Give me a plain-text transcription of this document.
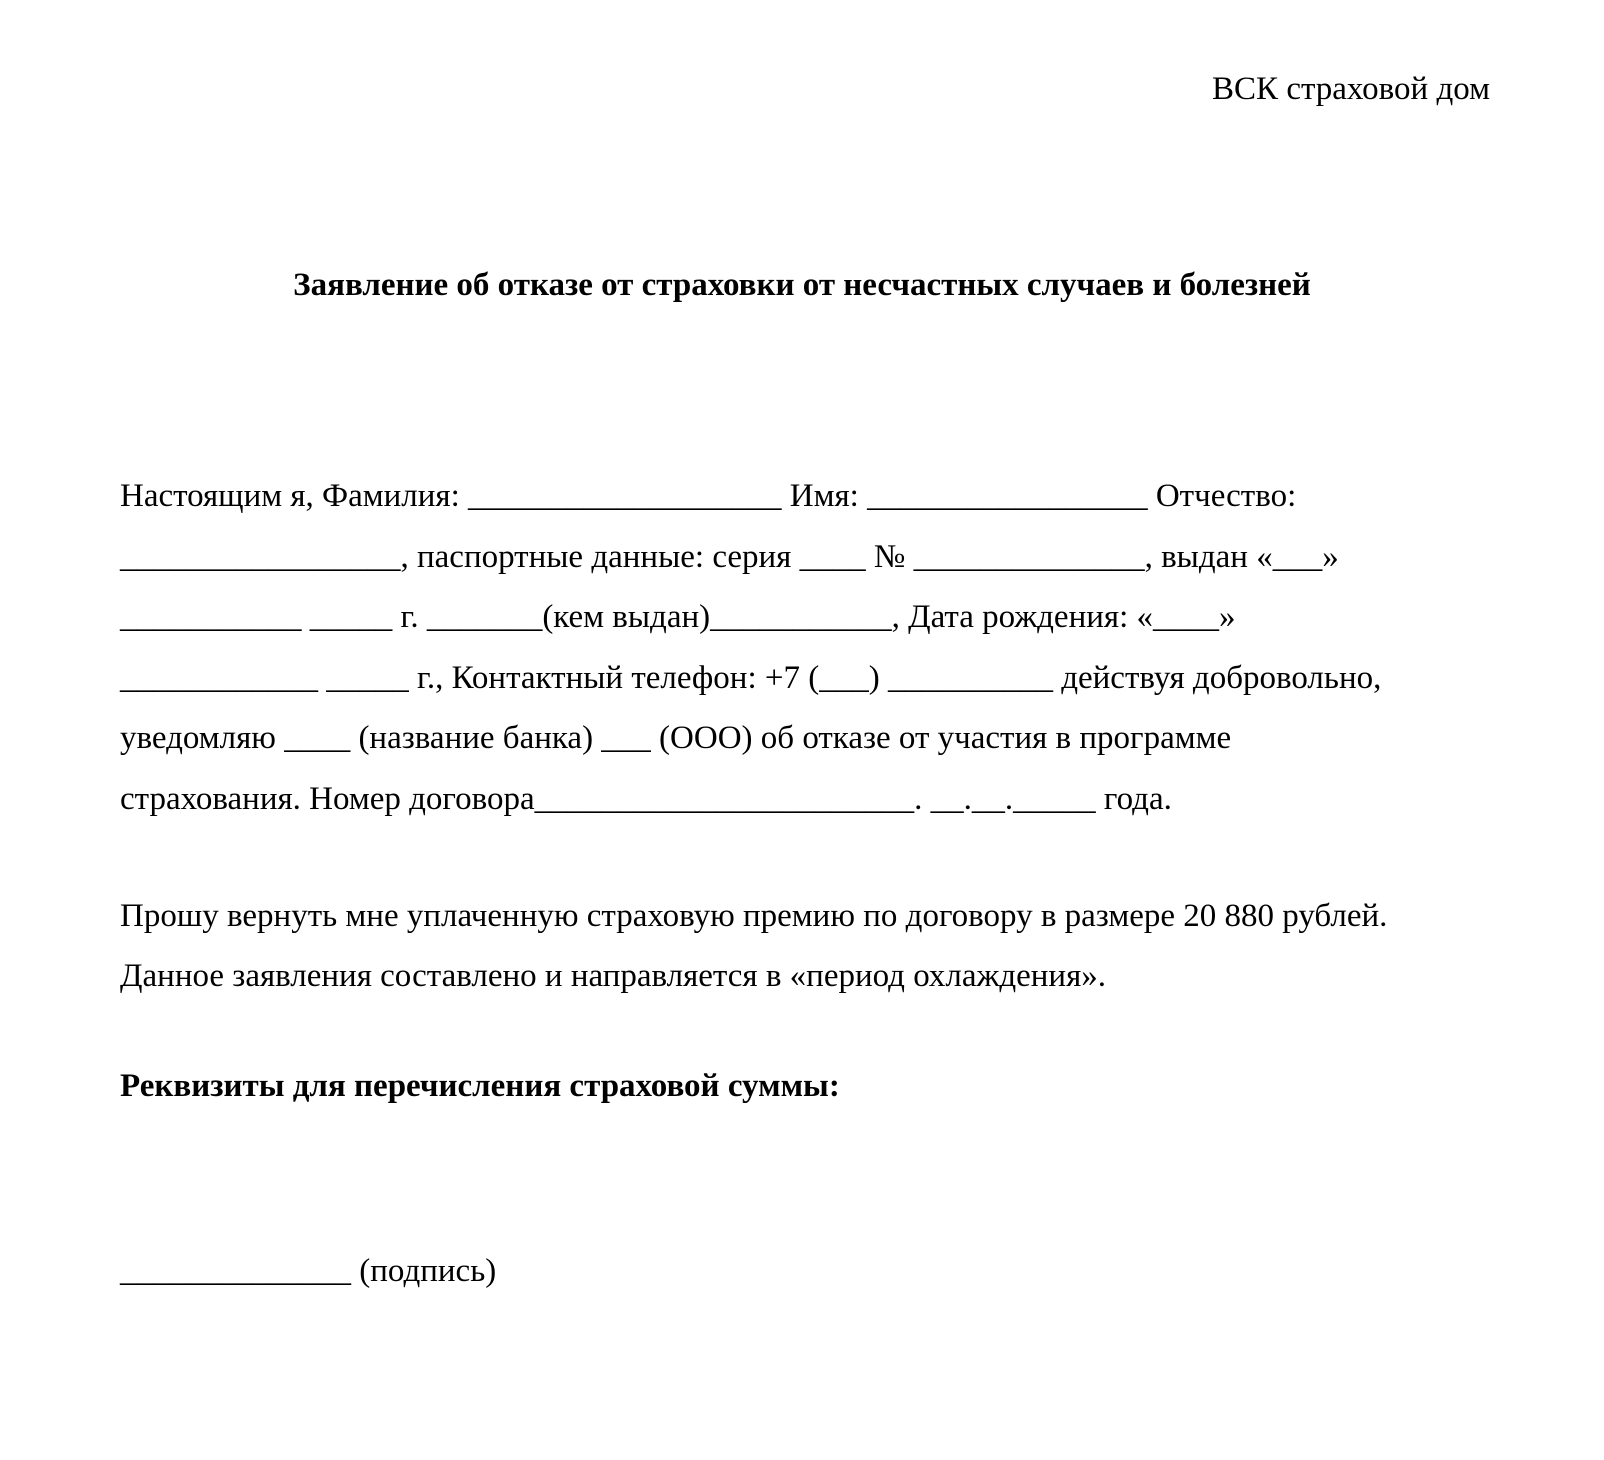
ВСК страховой дом
Заявление об отказе от страховки от несчастных случаев и болезней
Настоящим я, Фамилия: ___________________ Имя: _________________ Отчество:
_________________, паспортные данные: серия ____ № ______________, выдан «___»
___________ _____ г. _______(кем выдан)___________, Дата рождения: «____»
____________ _____ г., Контактный телефон: +7 (___) __________ действуя добровольно,
уведомляю ____ (название банка) ___ (ООО) об отказе от участия в программе
страхования. Номер договора_______________________. __.__._____ года.
Прошу вернуть мне уплаченную страховую премию по договору в размере 20 880 рублей.
Данное заявления составлено и направляется в «период охлаждения».
Реквизиты для перечисления страховой суммы:
______________ (подпись)
